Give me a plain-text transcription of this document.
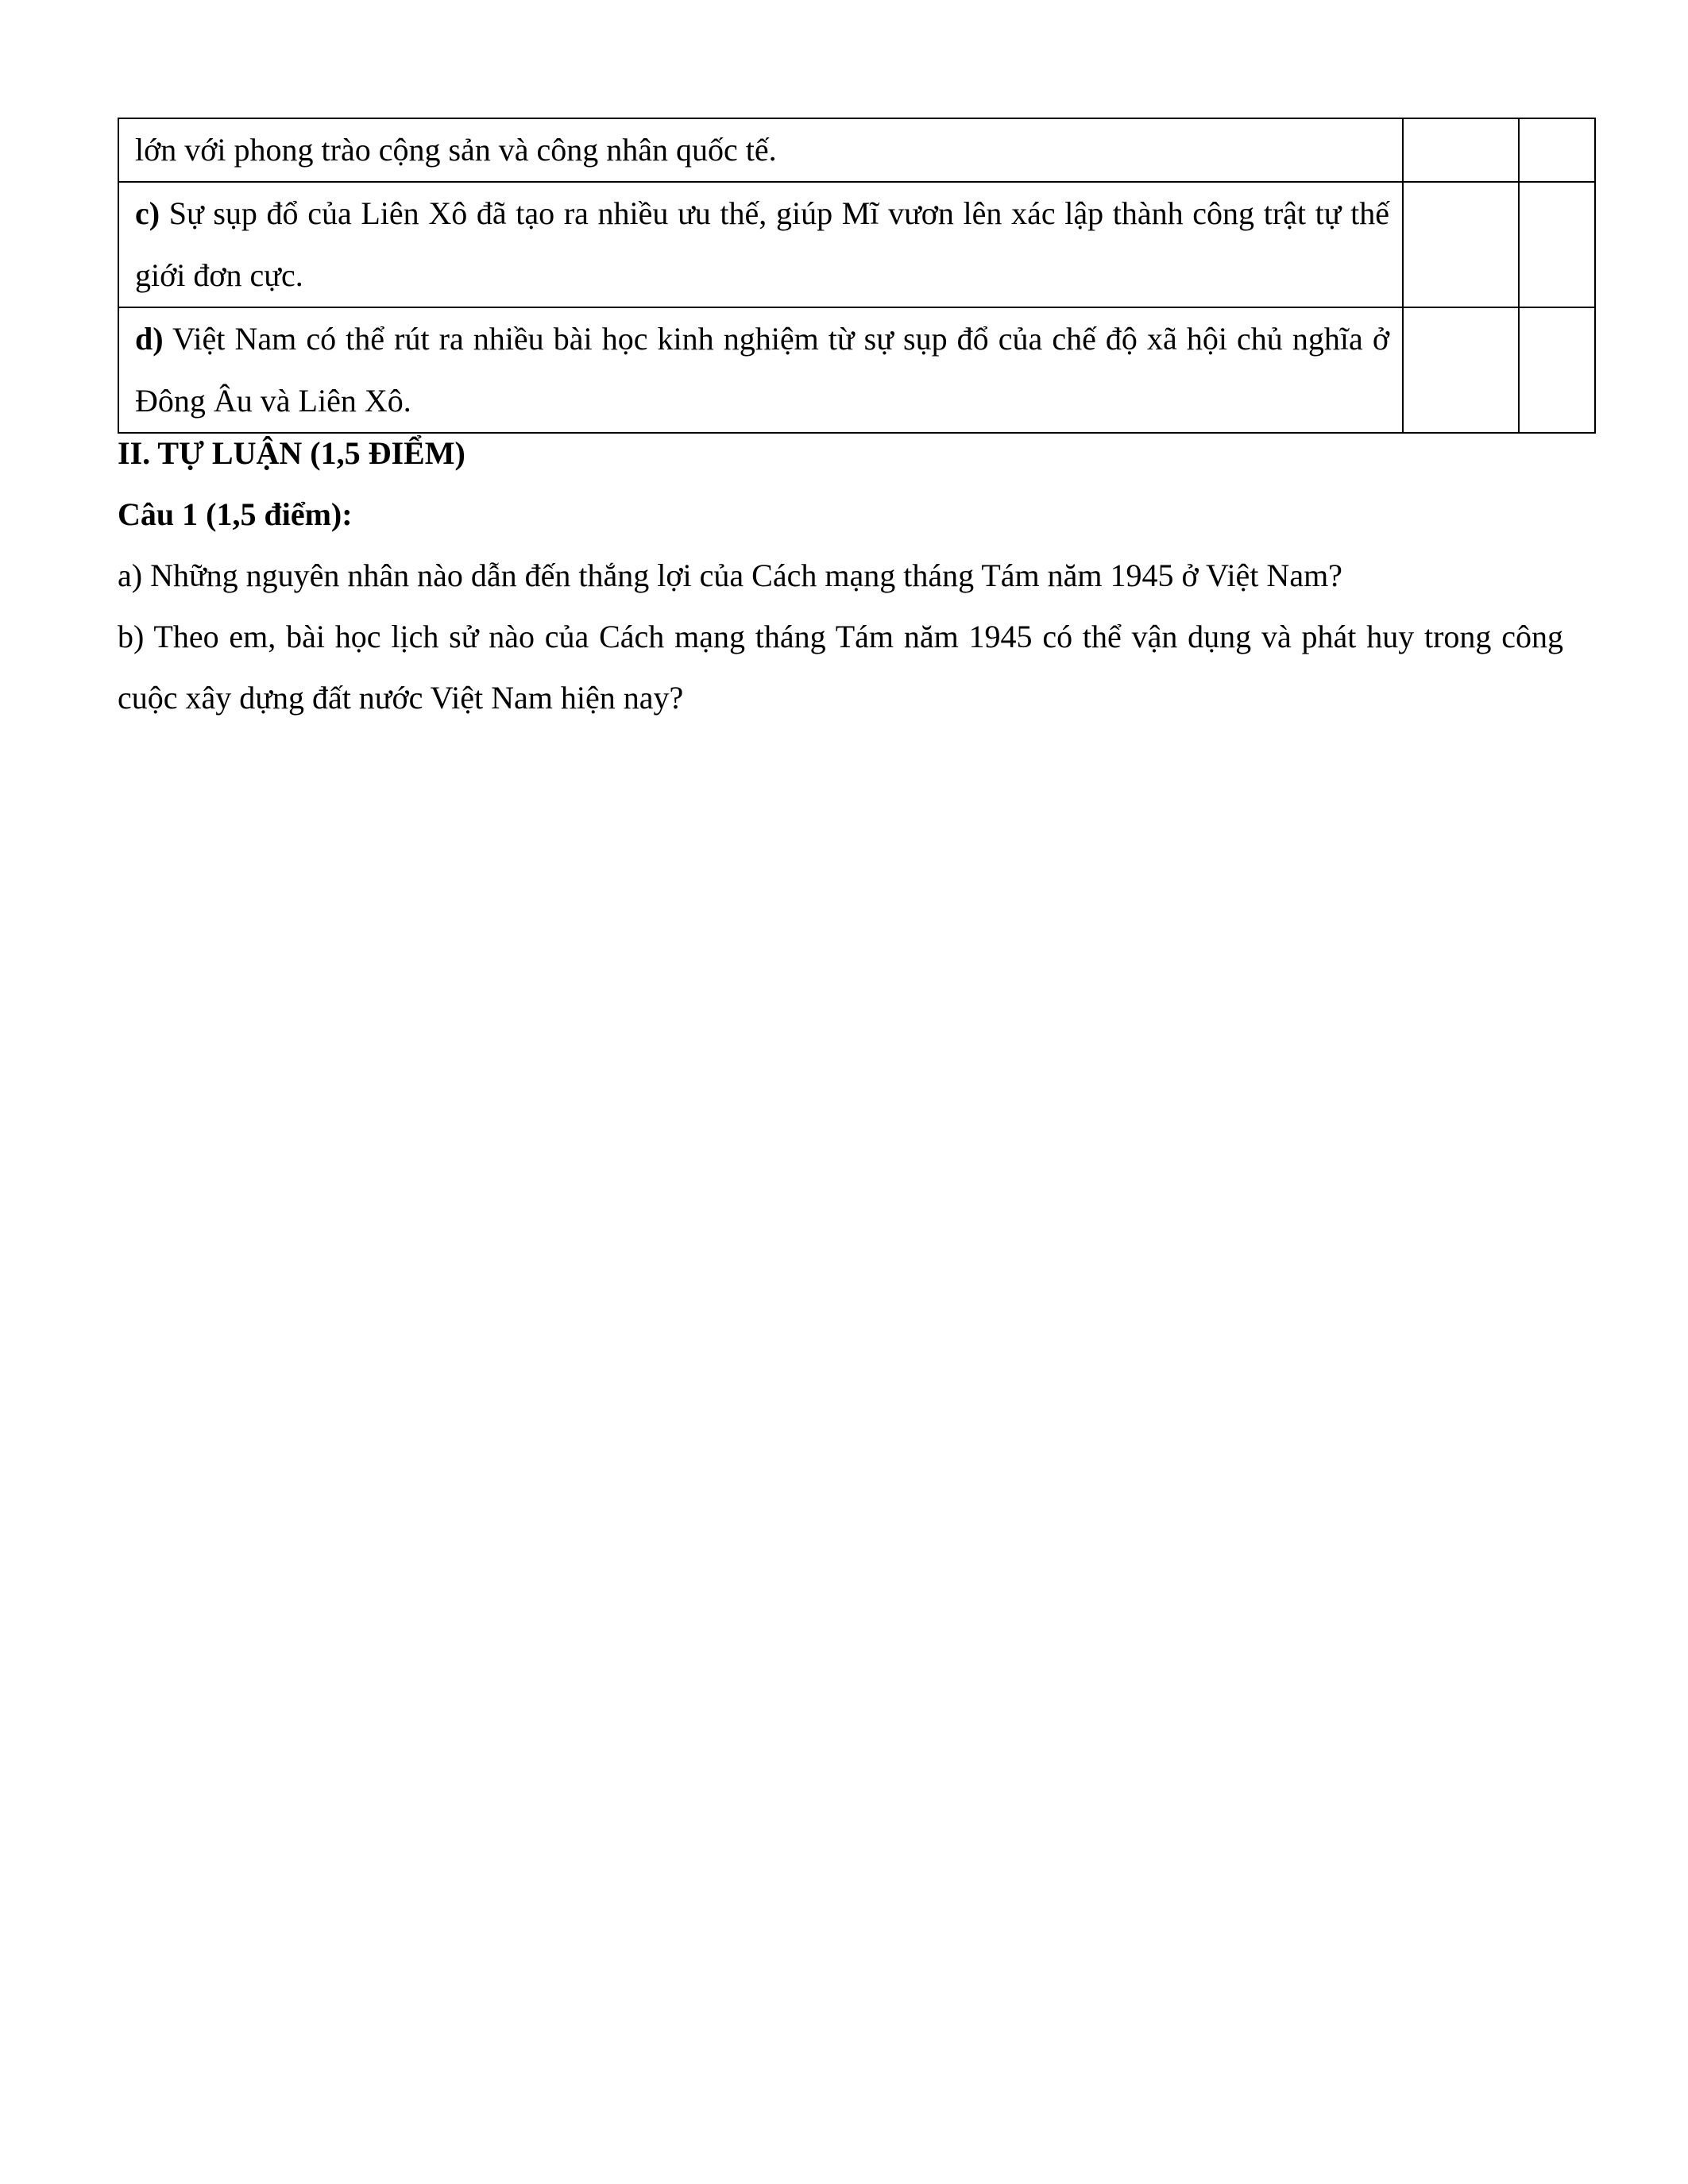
lớn với phong trào cộng sản và công nhân quốc tế.		
c) Sự sụp đổ của Liên Xô đã tạo ra nhiều ưu thế, giúp Mĩ vươn lên xác lập thành công trật tự thế giới đơn cực.		
d) Việt Nam có thể rút ra nhiều bài học kinh nghiệm từ sự sụp đổ của chế độ xã hội chủ nghĩa ở Đông Âu và Liên Xô.		

II. TỰ LUẬN (1,5 ĐIỂM)

Câu 1 (1,5 điểm):

a) Những nguyên nhân nào dẫn đến thắng lợi của Cách mạng tháng Tám năm 1945 ở Việt Nam?

b) Theo em, bài học lịch sử nào của Cách mạng tháng Tám năm 1945 có thể vận dụng và phát huy trong công cuộc xây dựng đất nước Việt Nam hiện nay?
